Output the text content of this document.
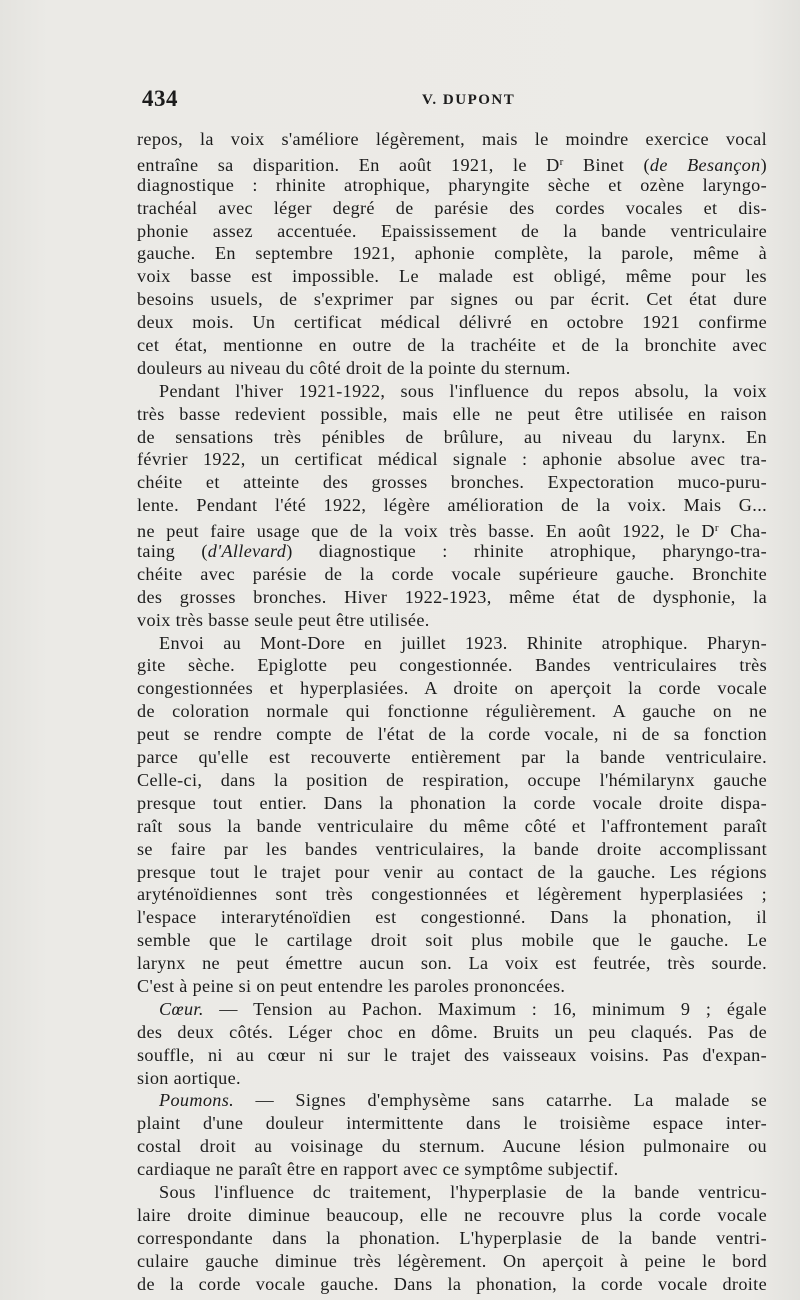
434	V. DUPONT
repos, la voix s'améliore légèrement, mais le moindre exercice vocal
entraîne sa disparition. En août 1921, le $D^r$ Binet (de Besançon)
diagnostique : rhinite atrophique, pharyngite sèche et ozène laryngo-
trachéal avec léger degré de parésie des cordes vocales et dis-
phonie assez accentuée. Epaississement de la bande ventriculaire
gauche. En septembre 1921, aphonie complète, la parole, même à
voix basse est impossible. Le malade est obligé, même pour les
besoins usuels, de s'exprimer par signes ou par écrit. Cet état dure
deux mois. Un certificat médical délivré en octobre 1921 confirme
cet état, mentionne en outre de la trachéite et de la bronchite avec
douleurs au niveau du côté droit de la pointe du sternum.
Pendant l'hiver 1921-1922, sous l'influence du repos absolu, la voix
très basse redevient possible, mais elle ne peut être utilisée en raison
de sensations très pénibles de brûlure, au niveau du larynx. En
février 1922, un certificat médical signale : aphonie absolue avec tra-
chéite et atteinte des grosses bronches. Expectoration muco-puru-
lente. Pendant l'été 1922, légère amélioration de la voix. Mais G...
ne peut faire usage que de la voix très basse. En août 1922, le $D^r$ Cha-
taing (d'Allevard) diagnostique : rhinite atrophique, pharyngo-tra-
chéite avec parésie de la corde vocale supérieure gauche. Bronchite
des grosses bronches. Hiver 1922-1923, même état de dysphonie, la
voix très basse seule peut être utilisée.
Envoi au Mont-Dore en juillet 1923. Rhinite atrophique. Pharyn-
gite sèche. Epiglotte peu congestionnée. Bandes ventriculaires très
congestionnées et hyperplasiées. A droite on aperçoit la corde vocale
de coloration normale qui fonctionne régulièrement. A gauche on ne
peut se rendre compte de l'état de la corde vocale, ni de sa fonction
parce qu'elle est recouverte entièrement par la bande ventriculaire.
Celle-ci, dans la position de respiration, occupe l'hémilarynx gauche
presque tout entier. Dans la phonation la corde vocale droite dispa-
raît sous la bande ventriculaire du même côté et l'affrontement paraît
se faire par les bandes ventriculaires, la bande droite accomplissant
presque tout le trajet pour venir au contact de la gauche. Les régions
aryténoïdiennes sont très congestionnées et légèrement hyperplasiées ;
l'espace interaryténoïdien est congestionné. Dans la phonation, il
semble que le cartilage droit soit plus mobile que le gauche. Le
larynx ne peut émettre aucun son. La voix est feutrée, très sourde.
C'est à peine si on peut entendre les paroles prononcées.
Cœur. — Tension au Pachon. Maximum : 16, minimum 9 ; égale
des deux côtés. Léger choc en dôme. Bruits un peu claqués. Pas de
souffle, ni au cœur ni sur le trajet des vaisseaux voisins. Pas d'expan-
sion aortique.
Poumons. — Signes d'emphysème sans catarrhe. La malade se
plaint d'une douleur intermittente dans le troisième espace inter-
costal droit au voisinage du sternum. Aucune lésion pulmonaire ou
cardiaque ne paraît être en rapport avec ce symptôme subjectif.
Sous l'influence dc traitement, l'hyperplasie de la bande ventricu-
laire droite diminue beaucoup, elle ne recouvre plus la corde vocale
correspondante dans la phonation. L'hyperplasie de la bande ventri-
culaire gauche diminue très légèrement. On aperçoit à peine le bord
de la corde vocale gauche. Dans la phonation, la corde vocale droite
